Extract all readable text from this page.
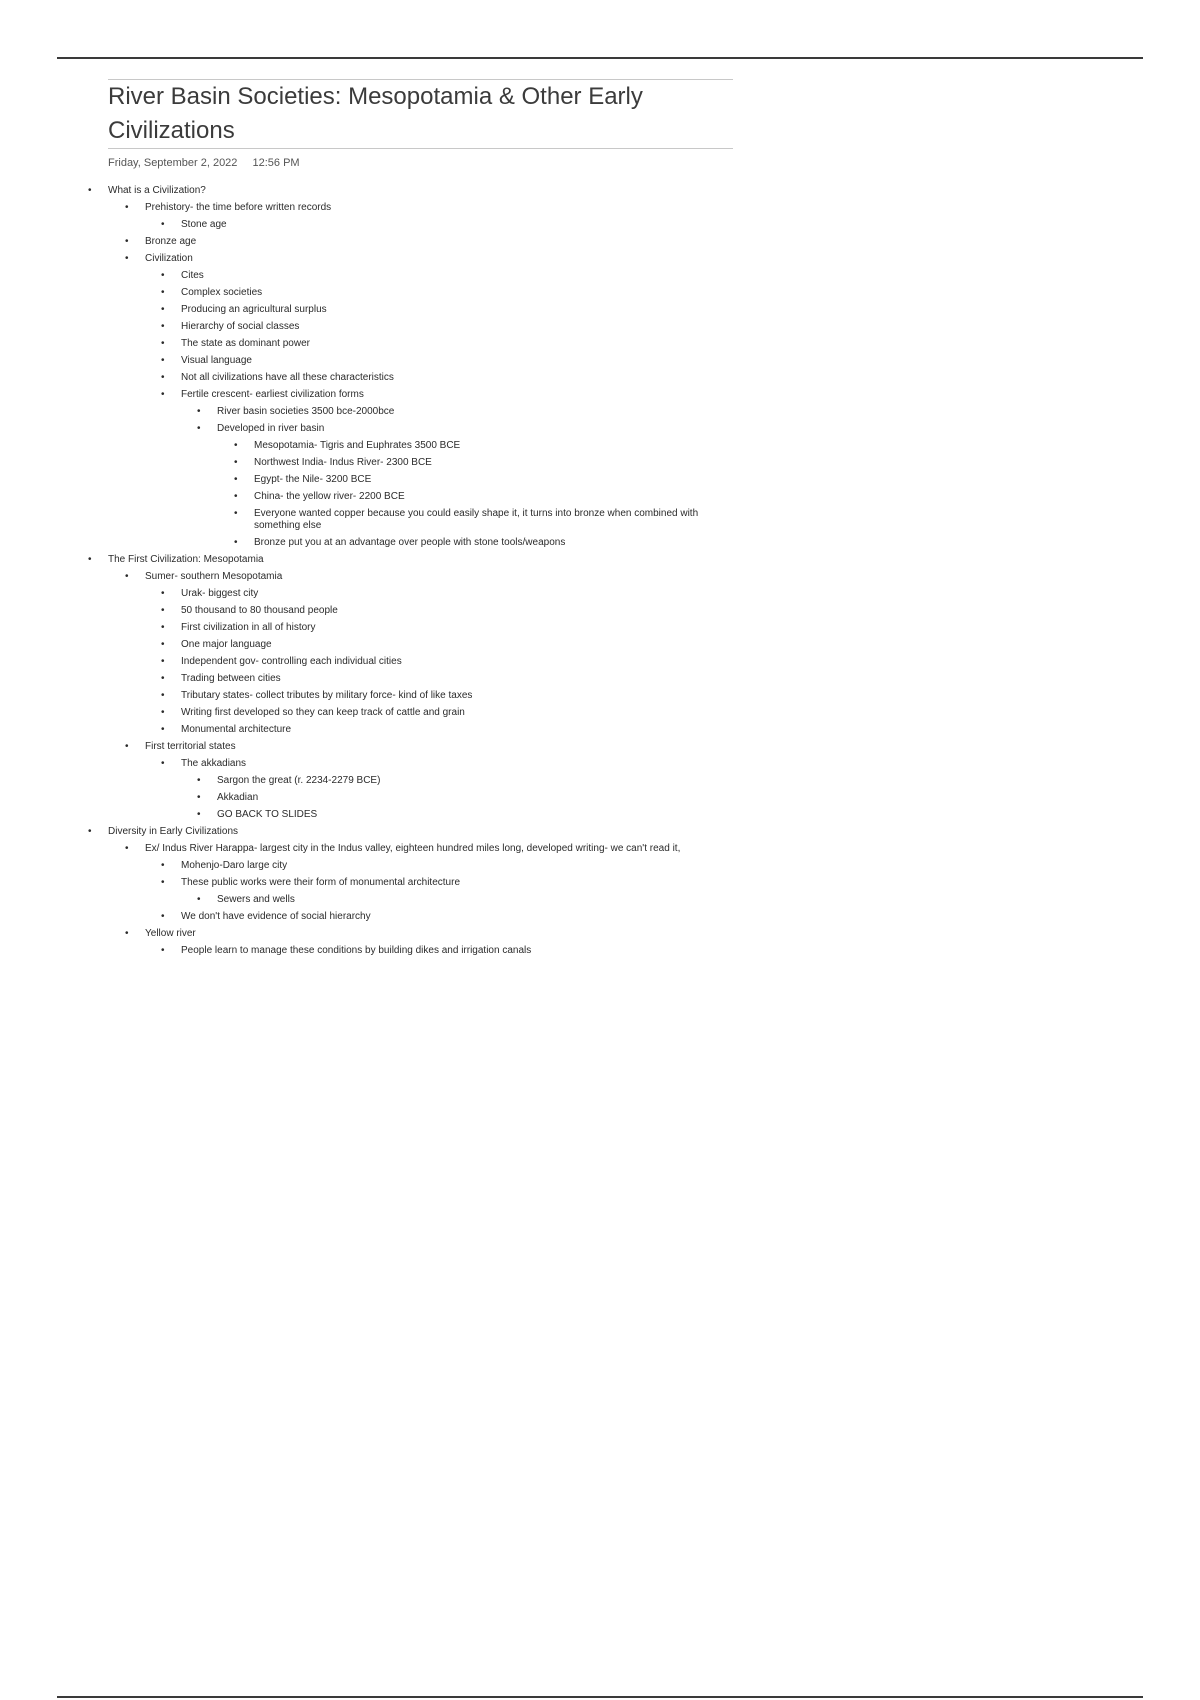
River Basin Societies: Mesopotamia & Other Early Civilizations
Friday, September 2, 2022 12:56 PM
• What is a Civilization?
• Prehistory- the time before written records
• Stone age
• Bronze age
• Civilization
• Cites
• Complex societies
• Producing an agricultural surplus
• Hierarchy of social classes
• The state as dominant power
• Visual language
• Not all civilizations have all these characteristics
• Fertile crescent- earliest civilization forms
• River basin societies 3500 bce-2000bce
• Developed in river basin
• Mesopotamia- Tigris and Euphrates 3500 BCE
• Northwest India- Indus River- 2300 BCE
• Egypt- the Nile- 3200 BCE
• China- the yellow river- 2200 BCE
• Everyone wanted copper because you could easily shape it, it turns into bronze when combined with something else
• Bronze put you at an advantage over people with stone tools/weapons
• The First Civilization: Mesopotamia
• Sumer- southern Mesopotamia
• Urak- biggest city
• 50 thousand to 80 thousand people
• First civilization in all of history
• One major language
• Independent gov- controlling each individual cities
• Trading between cities
• Tributary states- collect tributes by military force- kind of like taxes
• Writing first developed so they can keep track of cattle and grain
• Monumental architecture
• First territorial states
• The akkadians
• Sargon the great (r. 2234-2279 BCE)
• Akkadian
• GO BACK TO SLIDES
• Diversity in Early Civilizations
• Ex/ Indus River Harappa- largest city in the Indus valley, eighteen hundred miles long, developed writing- we can't read it,
• Mohenjo-Daro large city
• These public works were their form of monumental architecture
• Sewers and wells
• We don't have evidence of social hierarchy
• Yellow river
• People learn to manage these conditions by building dikes and irrigation canals
